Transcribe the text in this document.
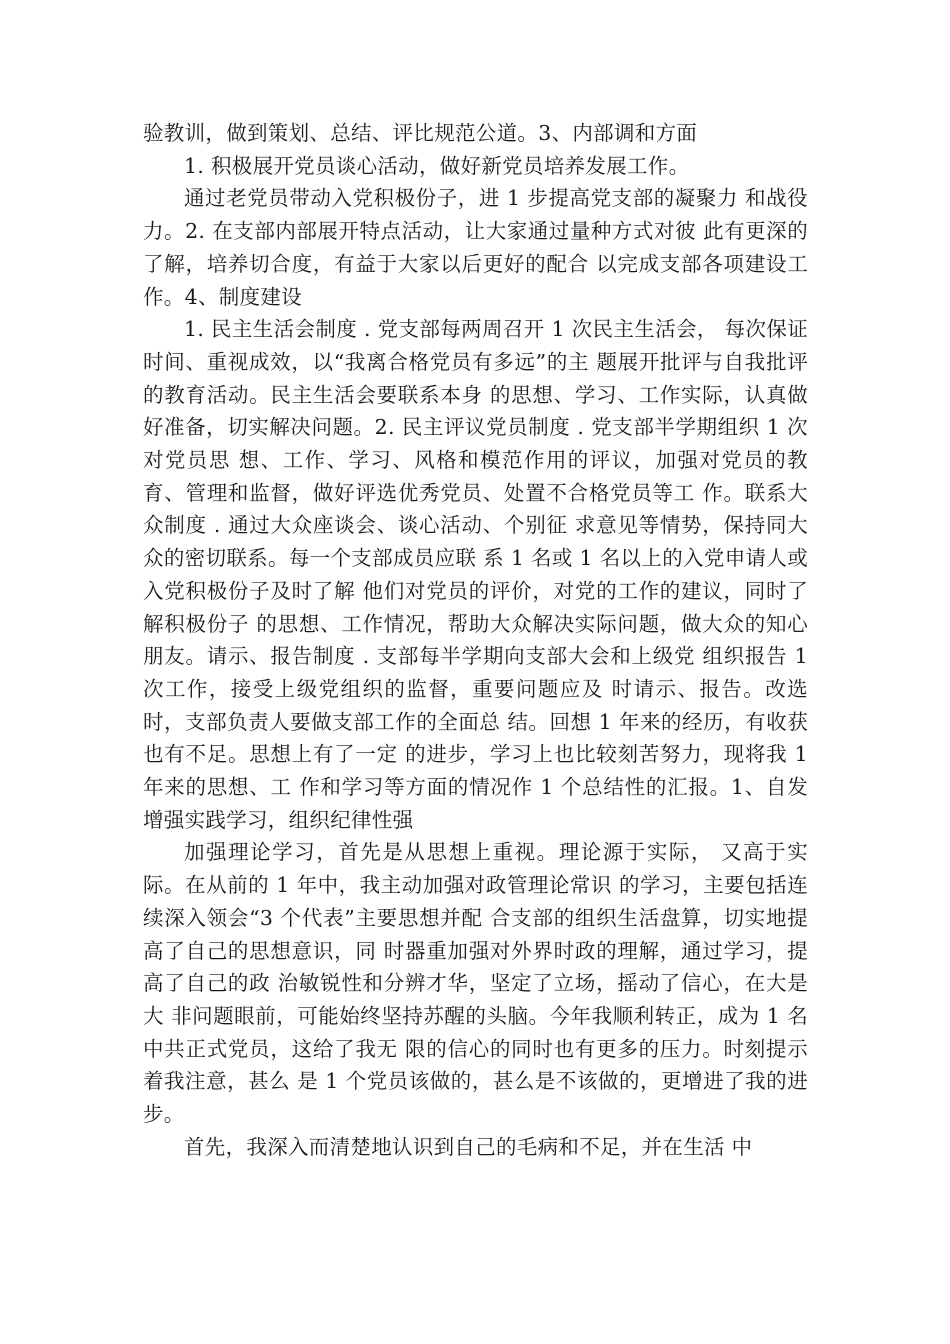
验教训，做到策划、总结、评比规范公道。3、内部调和方面

1. 积极展开党员谈心活动，做好新党员培养发展工作。

通过老党员带动入党积极份子，进 1 步提高党支部的凝聚力 和战役力。2. 在支部内部展开特点活动，让大家通过量种方式对彼 此有更深的了解，培养切合度，有益于大家以后更好的配合 以完成支部各项建设工作。4、制度建设

1. 民主生活会制度 . 党支部每两周召开 1 次民主生活会， 每次保证时间、重视成效，以“我离合格党员有多远”的主 题展开批评与自我批评的教育活动。民主生活会要联系本身 的思想、学习、工作实际，认真做好准备，切实解决问题。2. 民主评议党员制度 . 党支部半学期组织 1 次对党员思 想、工作、学习、风格和模范作用的评议，加强对党员的教 育、管理和监督，做好评选优秀党员、处置不合格党员等工 作。联系大众制度 . 通过大众座谈会、谈心活动、个别征 求意见等情势，保持同大众的密切联系。每一个支部成员应联 系 1 名或 1 名以上的入党申请人或入党积极份子及时了解 他们对党员的评价，对党的工作的建议，同时了解积极份子 的思想、工作情况，帮助大众解决实际问题，做大众的知心 朋友。请示、报告制度 . 支部每半学期向支部大会和上级党 组织报告 1 次工作，接受上级党组织的监督，重要问题应及 时请示、报告。改选时，支部负责人要做支部工作的全面总 结。回想 1 年来的经历，有收获也有不足。思想上有了一定 的进步，学习上也比较刻苦努力，现将我 1 年来的思想、工 作和学习等方面的情况作 1 个总结性的汇报。1、自发增强实践学习，组织纪律性强

加强理论学习，首先是从思想上重视。理论源于实际， 又高于实际。在从前的 1 年中，我主动加强对政管理论常识 的学习，主要包括连续深入领会“3 个代表”主要思想并配 合支部的组织生活盘算，切实地提高了自己的思想意识，同 时器重加强对外界时政的理解，通过学习，提高了自己的政 治敏锐性和分辨才华，坚定了立场，摇动了信心，在大是大 非问题眼前，可能始终坚持苏醒的头脑。今年我顺利转正，成为 1 名中共正式党员，这给了我无 限的信心的同时也有更多的压力。时刻提示着我注意，甚么 是 1 个党员该做的，甚么是不该做的，更增进了我的进步。

首先，我深入而清楚地认识到自己的毛病和不足，并在生活 中
